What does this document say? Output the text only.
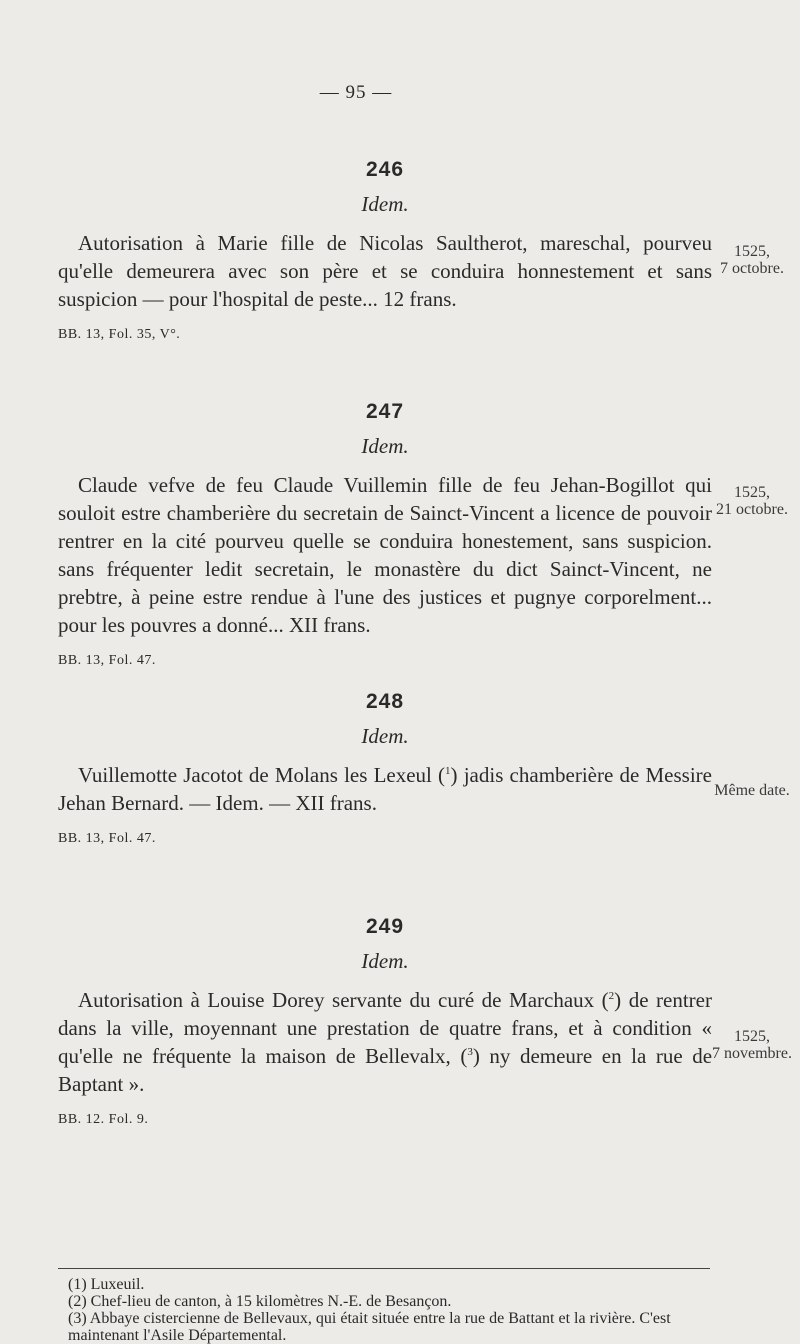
— 95 —
246
Idem.
Autorisation à Marie fille de Nicolas Saultherot, mareschal, pourveu qu'elle demeurera avec son père et se conduira honnestement et sans suspicion — pour l'hospital de peste... 12 frans.
BB. 13, Fol. 35, V°.
1525,
7 octobre.
247
Idem.
Claude vefve de feu Claude Vuillemin fille de feu Jehan-Bogillot qui souloit estre chamberière du secretain de Sainct-Vincent a licence de pouvoir rentrer en la cité pourveu quelle se conduira honestement, sans suspicion. sans fréquenter ledit secretain, le monastère du dict Sainct-Vincent, ne prebtre, à peine estre rendue à l'une des justices et pugnye corporelment... pour les pouvres a donné... XII frans.
BB. 13, Fol. 47.
1525,
21 octobre.
248
Idem.
Vuillemotte Jacotot de Molans les Lexeul ($^1$) jadis chamberière de Messire Jehan Bernard. — Idem. — XII frans.
BB. 13, Fol. 47.
Même date.
249
Idem.
Autorisation à Louise Dorey servante du curé de Marchaux ($^2$) de rentrer dans la ville, moyennant une prestation de quatre frans, et à condition « qu'elle ne fréquente la maison de Bellevalx, ($^3$) ny demeure en la rue de Baptant ».
BB. 12. Fol. 9.
1525,
7 novembre.
(1) Luxeuil.
(2) Chef-lieu de canton, à 15 kilomètres N.-E. de Besançon.
(3) Abbaye cistercienne de Bellevaux, qui était située entre la rue de Battant et la rivière. C'est maintenant l'Asile Départemental.
